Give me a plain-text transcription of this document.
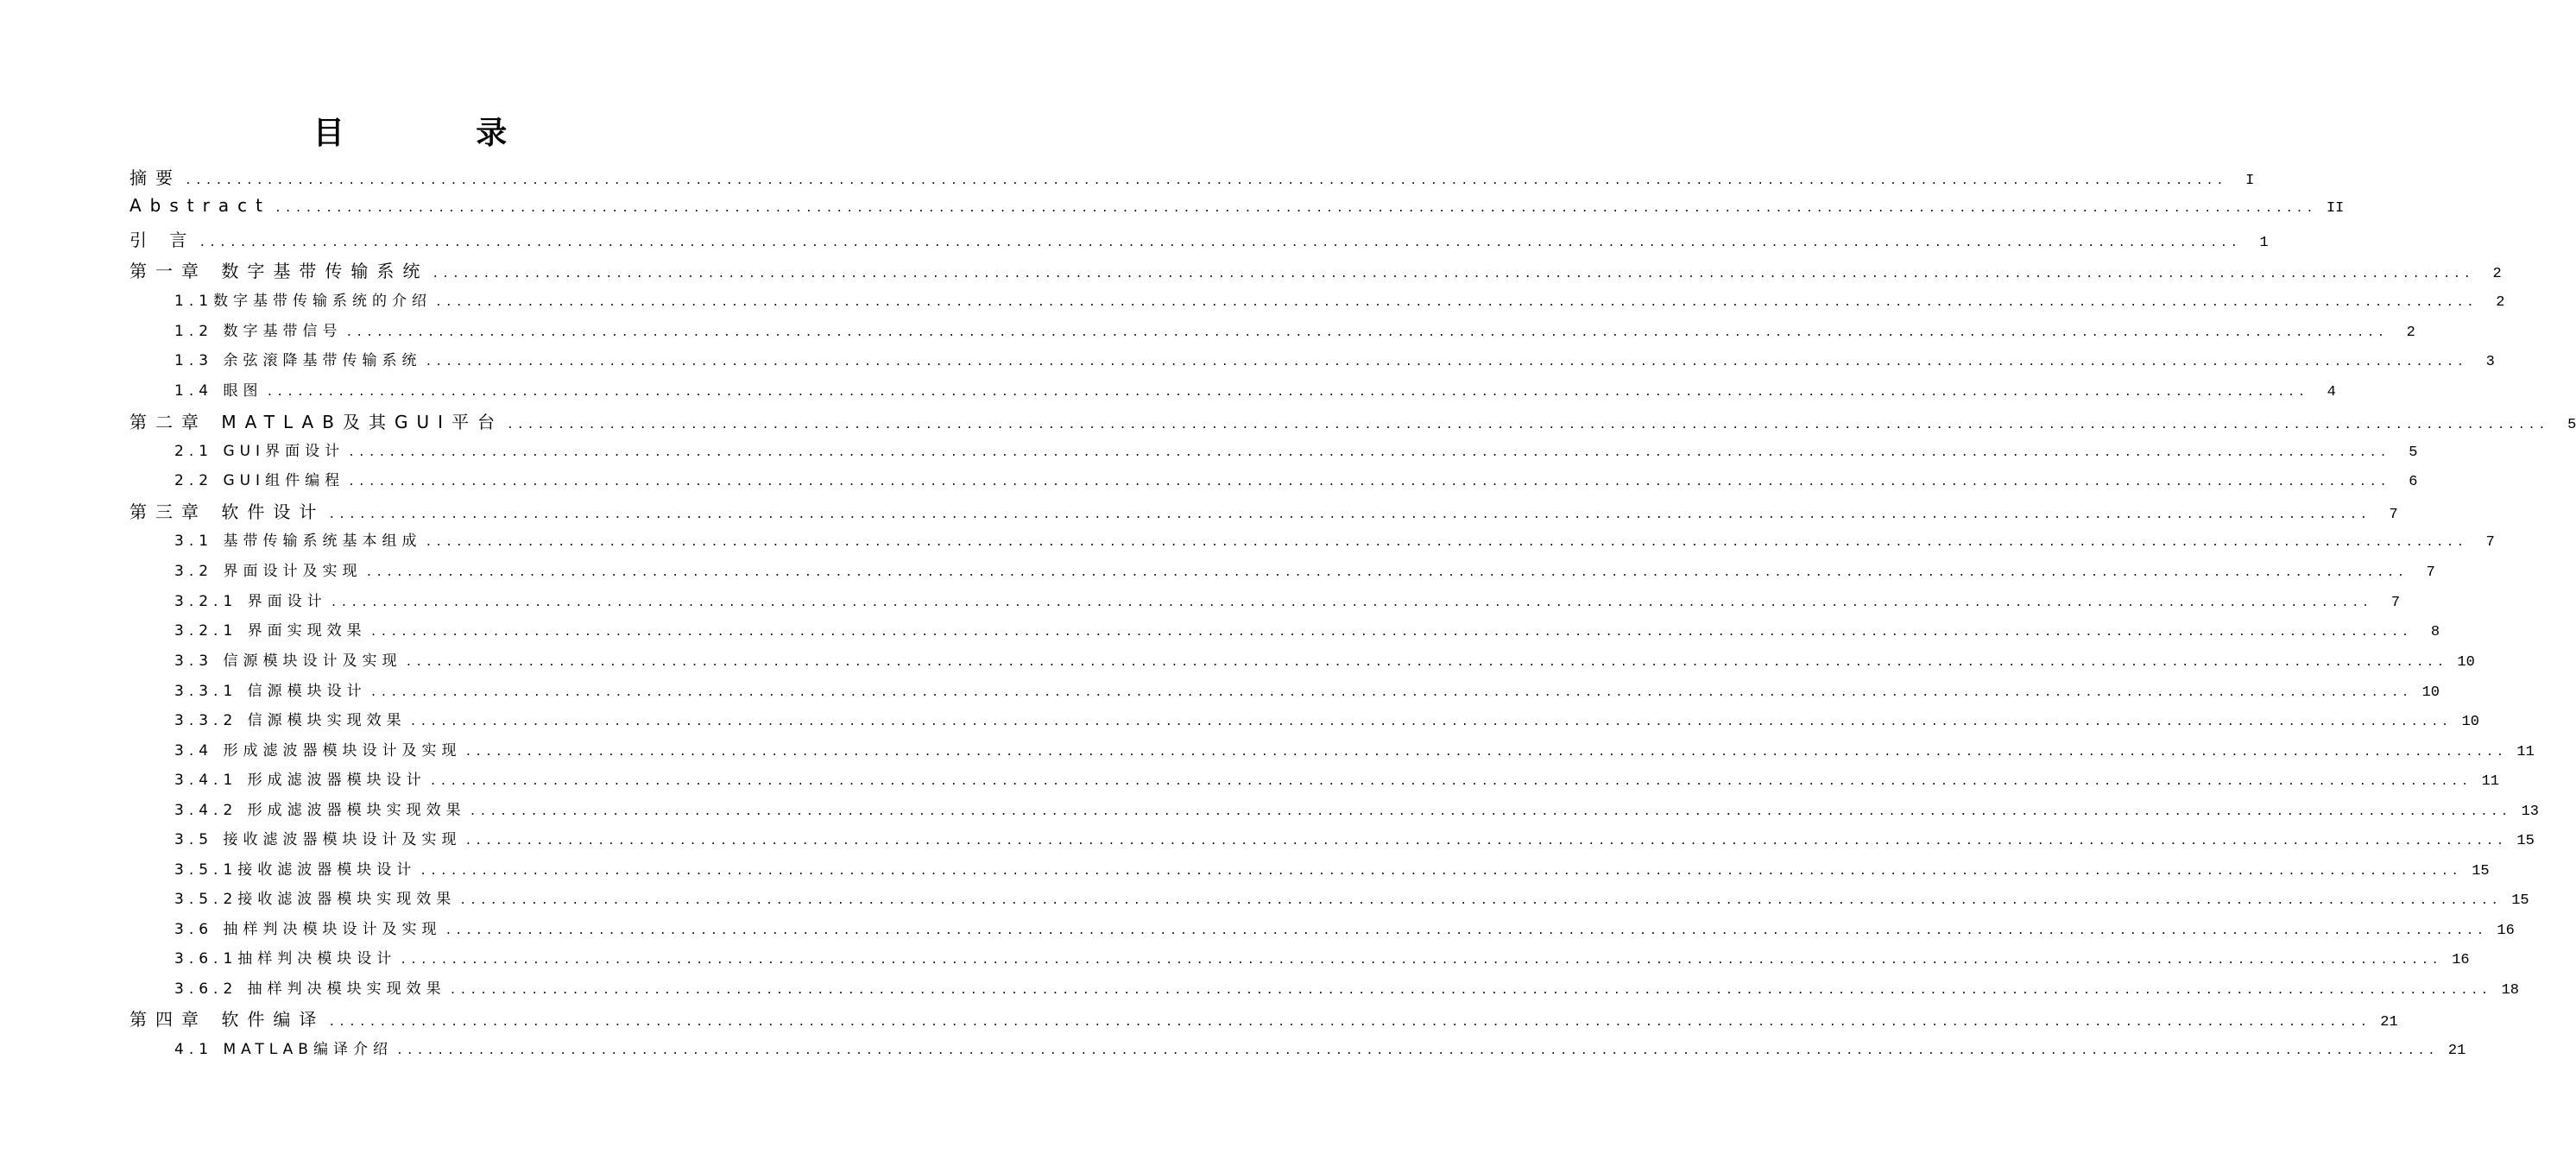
目 录
摘要 ........................................................................................................................................................................................................	I
Abstract ........................................................................................................................................................................................................ II
引 言 ........................................................................................................................................................................................................	1
第一章 数字基带传输系统 ........................................................................................................................................................................................................	2
1.1数字基带传输系统的介绍 ........................................................................................................................................................................................................	2
1.2 数字基带信号 ........................................................................................................................................................................................................	2
1.3 余弦滚降基带传输系统 ........................................................................................................................................................................................................	3
1.4 眼图 ........................................................................................................................................................................................................	4
第二章 MATLAB及其GUI平台 ........................................................................................................................................................................................................	5
2.1 GUI界面设计 ........................................................................................................................................................................................................	5
2.2 GUI组件编程 ........................................................................................................................................................................................................	6
第三章 软件设计 ........................................................................................................................................................................................................	7
3.1 基带传输系统基本组成 ........................................................................................................................................................................................................	7
3.2 界面设计及实现 ........................................................................................................................................................................................................	7
3.2.1 界面设计 ........................................................................................................................................................................................................	7
3.2.1 界面实现效果 ........................................................................................................................................................................................................	8
3.3 信源模块设计及实现 ........................................................................................................................................................................................................ 10
3.3.1 信源模块设计 ........................................................................................................................................................................................................ 10
3.3.2 信源模块实现效果 ........................................................................................................................................................................................................ 10
3.4 形成滤波器模块设计及实现 ........................................................................................................................................................................................................ 11
3.4.1 形成滤波器模块设计 ........................................................................................................................................................................................................ 11
3.4.2 形成滤波器模块实现效果 ........................................................................................................................................................................................................ 13
3.5 接收滤波器模块设计及实现 ........................................................................................................................................................................................................ 15
3.5.1接收滤波器模块设计 ........................................................................................................................................................................................................ 15
3.5.2接收滤波器模块实现效果 ........................................................................................................................................................................................................ 15
3.6 抽样判决模块设计及实现 ........................................................................................................................................................................................................ 16
3.6.1抽样判决模块设计 ........................................................................................................................................................................................................ 16
3.6.2 抽样判决模块实现效果 ........................................................................................................................................................................................................ 18
第四章 软件编译 ........................................................................................................................................................................................................ 21
4.1 MATLAB编译介绍 ........................................................................................................................................................................................................ 21
